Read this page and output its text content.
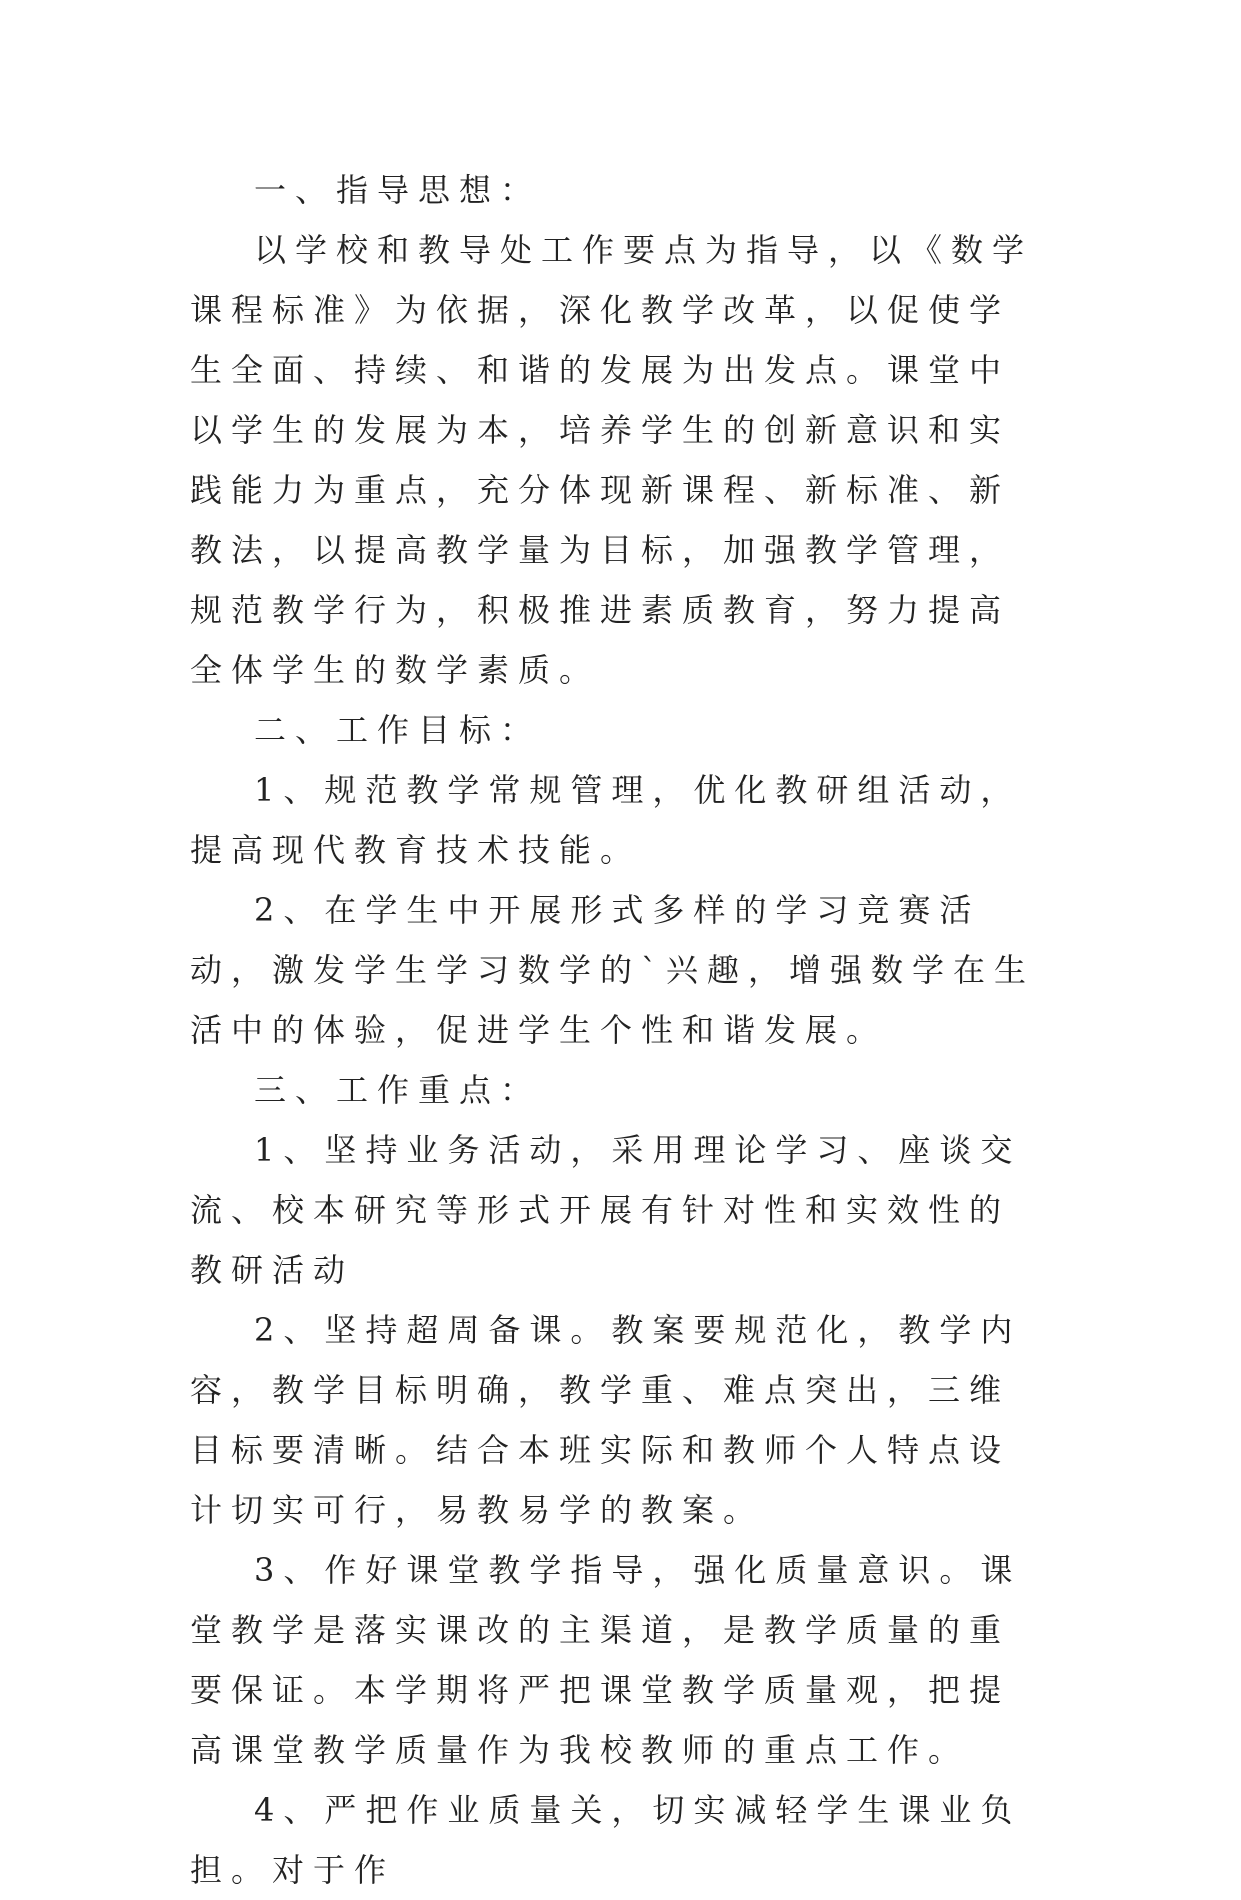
一、指导思想：

以学校和教导处工作要点为指导，以《数学课程标准》为依据，深化教学改革，以促使学生全面、持续、和谐的发展为出发点。课堂中以学生的发展为本，培养学生的创新意识和实践能力为重点，充分体现新课程、新标准、新教法，以提高教学量为目标，加强教学管理，规范教学行为，积极推进素质教育，努力提高全体学生的数学素质。

二、工作目标：

1、规范教学常规管理，优化教研组活动，提高现代教育技术技能。

2、在学生中开展形式多样的学习竞赛活动，激发学生学习数学的`兴趣，增强数学在生活中的体验，促进学生个性和谐发展。

三、工作重点：

1、坚持业务活动，采用理论学习、座谈交流、校本研究等形式开展有针对性和实效性的教研活动

2、坚持超周备课。教案要规范化，教学内容，教学目标明确，教学重、难点突出，三维目标要清晰。结合本班实际和教师个人特点设计切实可行，易教易学的教案。

3、作好课堂教学指导，强化质量意识。课堂教学是落实课改的主渠道，是教学质量的重要保证。本学期将严把课堂教学质量观，把提高课堂教学质量作为我校教师的重点工作。

4、严把作业质量关，切实减轻学生课业负担。对于作
